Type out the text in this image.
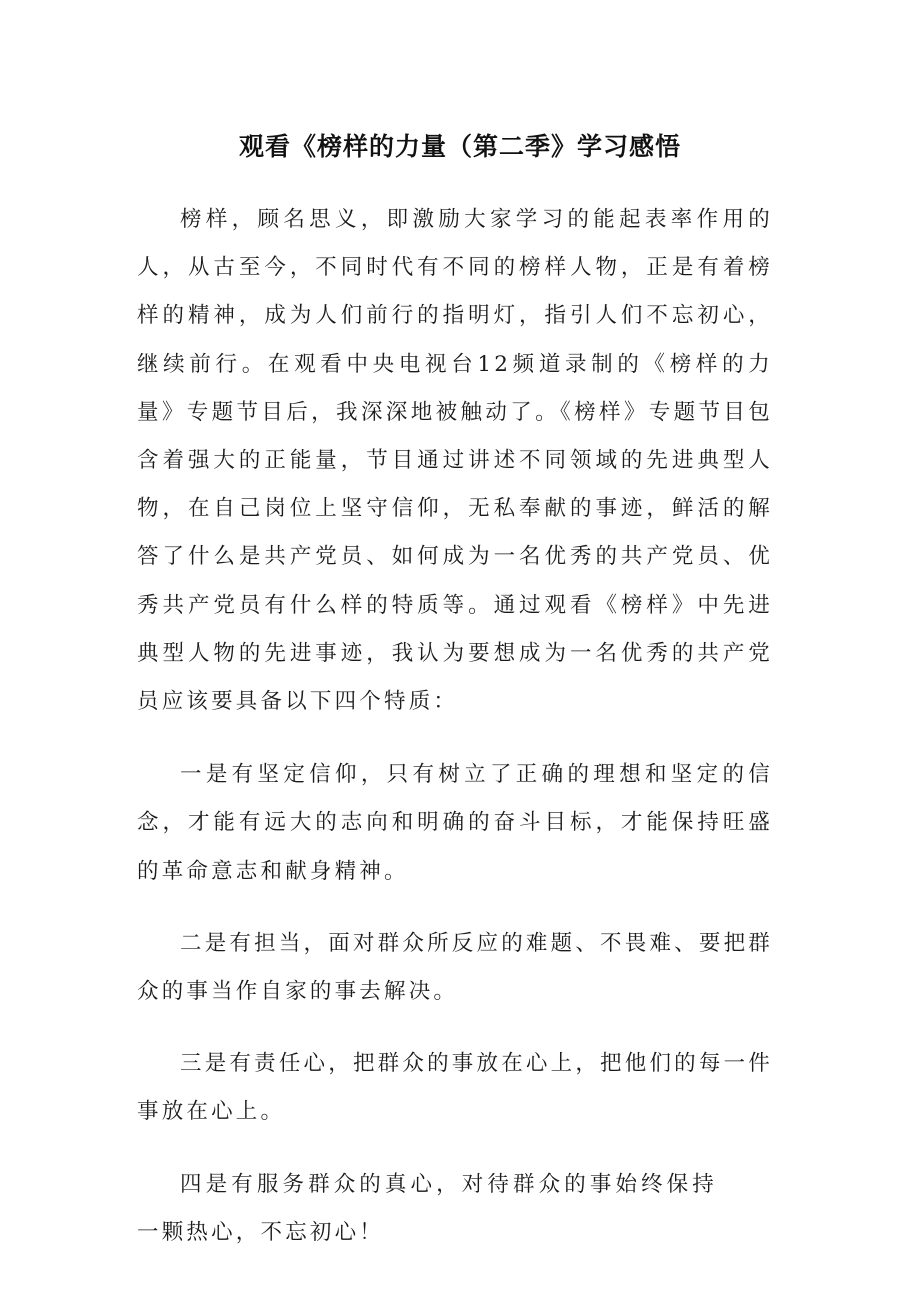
观看《榜样的力量（第二季》学习感悟

榜样，顾名思义，即激励大家学习的能起表率作用的人，从古至今，不同时代有不同的榜样人物，正是有着榜样的精神，成为人们前行的指明灯，指引人们不忘初心，继续前行。在观看中央电视台12频道录制的《榜样的力量》专题节目后，我深深地被触动了。《榜样》专题节目包含着强大的正能量，节目通过讲述不同领域的先进典型人物，在自己岗位上坚守信仰，无私奉献的事迹，鲜活的解答了什么是共产党员、如何成为一名优秀的共产党员、优秀共产党员有什么样的特质等。通过观看《榜样》中先进典型人物的先进事迹，我认为要想成为一名优秀的共产党员应该要具备以下四个特质：

一是有坚定信仰，只有树立了正确的理想和坚定的信念，才能有远大的志向和明确的奋斗目标，才能保持旺盛的革命意志和献身精神。

二是有担当，面对群众所反应的难题、不畏难、要把群众的事当作自家的事去解决。

三是有责任心，把群众的事放在心上，把他们的每一件事放在心上。

四是有服务群众的真心，对待群众的事始终保持一颗热心，不忘初心！
